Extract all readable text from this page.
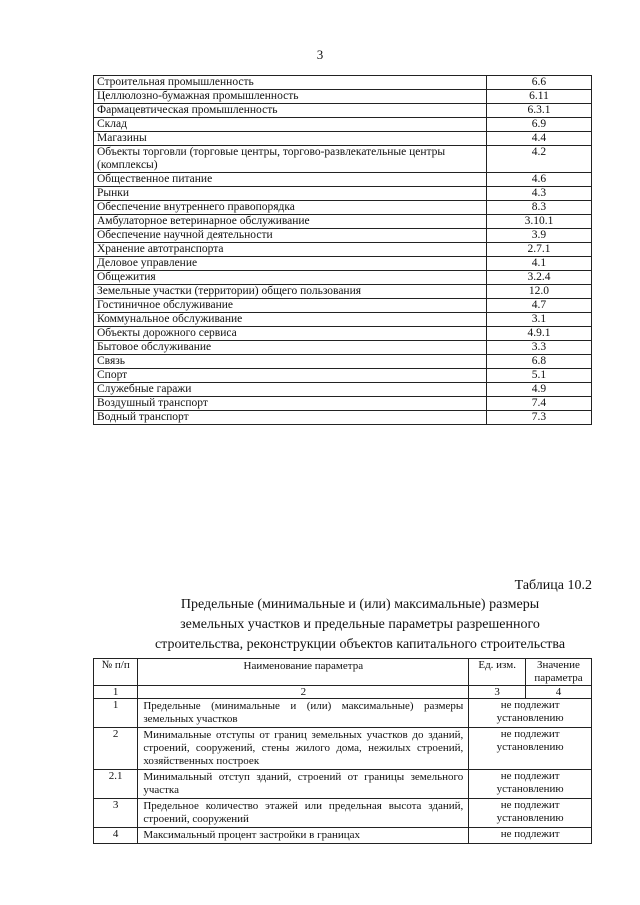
3
Строительная промышленность	6.6
Целлюлозно-бумажная промышленность	6.11
Фармацевтическая промышленность	6.3.1
Склад	6.9
Магазины	4.4
Объекты торговли (торговые центры, торгово-развлекательные центры (комплексы)	4.2
Общественное питание	4.6
Рынки	4.3
Обеспечение внутреннего правопорядка	8.3
Амбулаторное ветеринарное обслуживание	3.10.1
Обеспечение научной деятельности	3.9
Хранение автотранспорта	2.7.1
Деловое управление	4.1
Общежития	3.2.4
Земельные участки (территории) общего пользования	12.0
Гостиничное обслуживание	4.7
Коммунальное обслуживание	3.1
Объекты дорожного сервиса	4.9.1
Бытовое обслуживание	3.3
Связь	6.8
Спорт	5.1
Служебные гаражи	4.9
Воздушный транспорт	7.4
Водный транспорт	7.3
Таблица 10.2
Предельные (минимальные и (или) максимальные) размеры
земельных участков и предельные параметры разрешенного
строительства, реконструкции объектов капитального строительства
№ п/п	Наименование параметра	Ед. изм.	Значение параметра
1	2	3	4
1	Предельные (минимальные и (или) максимальные) размеры земельных участков	не подлежит установлению	
2	Минимальные отступы от границ земельных участков до зданий, строений, сооружений, стены жилого дома, нежилых строений, хозяйственных построек	не подлежит установлению	
2.1	Минимальный отступ зданий, строений от границы земельного участка	не подлежит установлению	
3	Предельное количество этажей или предельная высота зданий, строений, сооружений	не подлежит установлению	
4	Максимальный процент застройки в границах	не подлежит	
